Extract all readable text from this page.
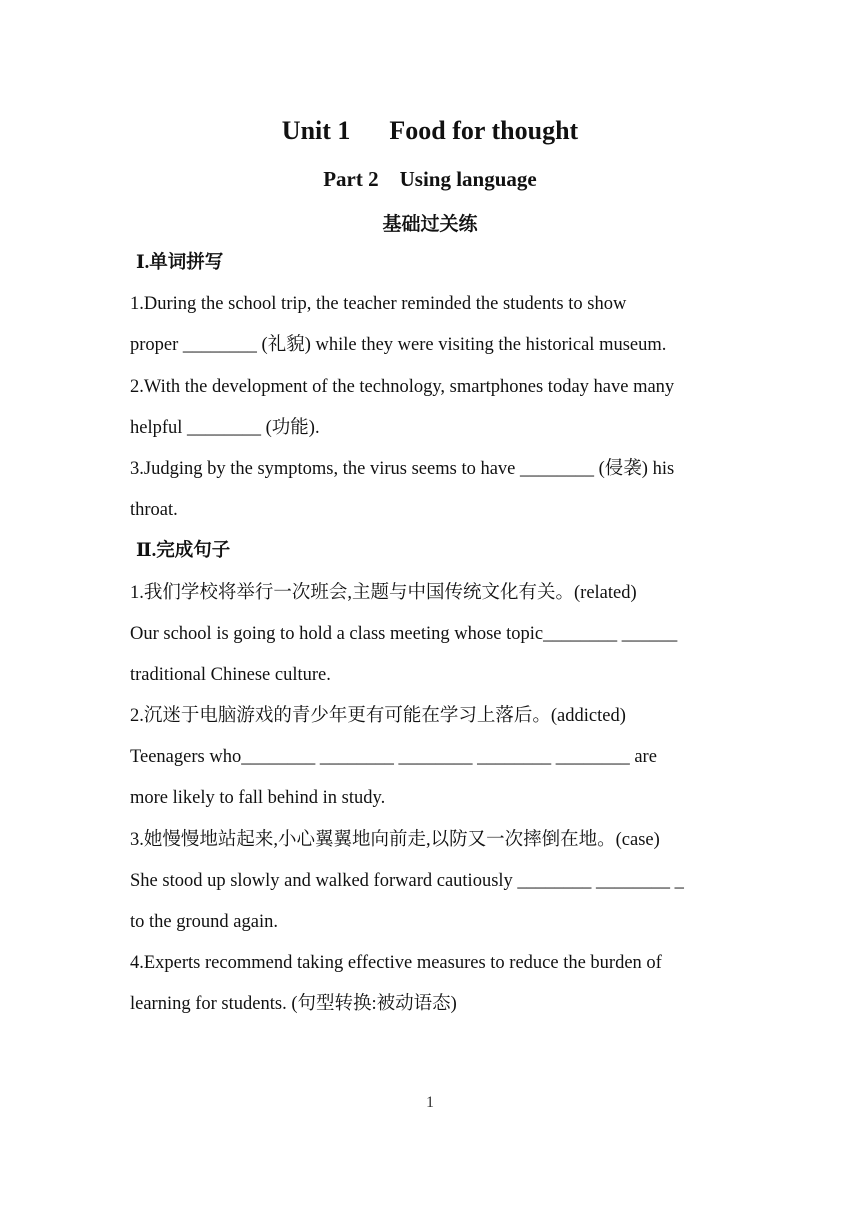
Unit 1      Food for thought
Part 2    Using language
基础过关练
Ⅰ.单词拼写
1.During the school trip, the teacher reminded the students to show
proper ________ (礼貌) while they were visiting the historical museum.
2.With the development of the technology, smartphones today have many
helpful ________ (功能).
3.Judging by the symptoms, the virus seems to have ________ (侵袭) his
throat.
Ⅱ.完成句子
1.我们学校将举行一次班会,主题与中国传统文化有关。(related)
Our school is going to hold a class meeting whose topic________ ______
traditional Chinese culture.
2.沉迷于电脑游戏的青少年更有可能在学习上落后。(addicted)
Teenagers who________ ________ ________ ________ ________ are
more likely to fall behind in study.
3.她慢慢地站起来,小心翼翼地向前走,以防又一次摔倒在地。(case)
She stood up slowly and walked forward cautiously ________ ________ _
to the ground again.
4.Experts recommend taking effective measures to reduce the burden of
learning for students. (句型转换:被动语态)
1
